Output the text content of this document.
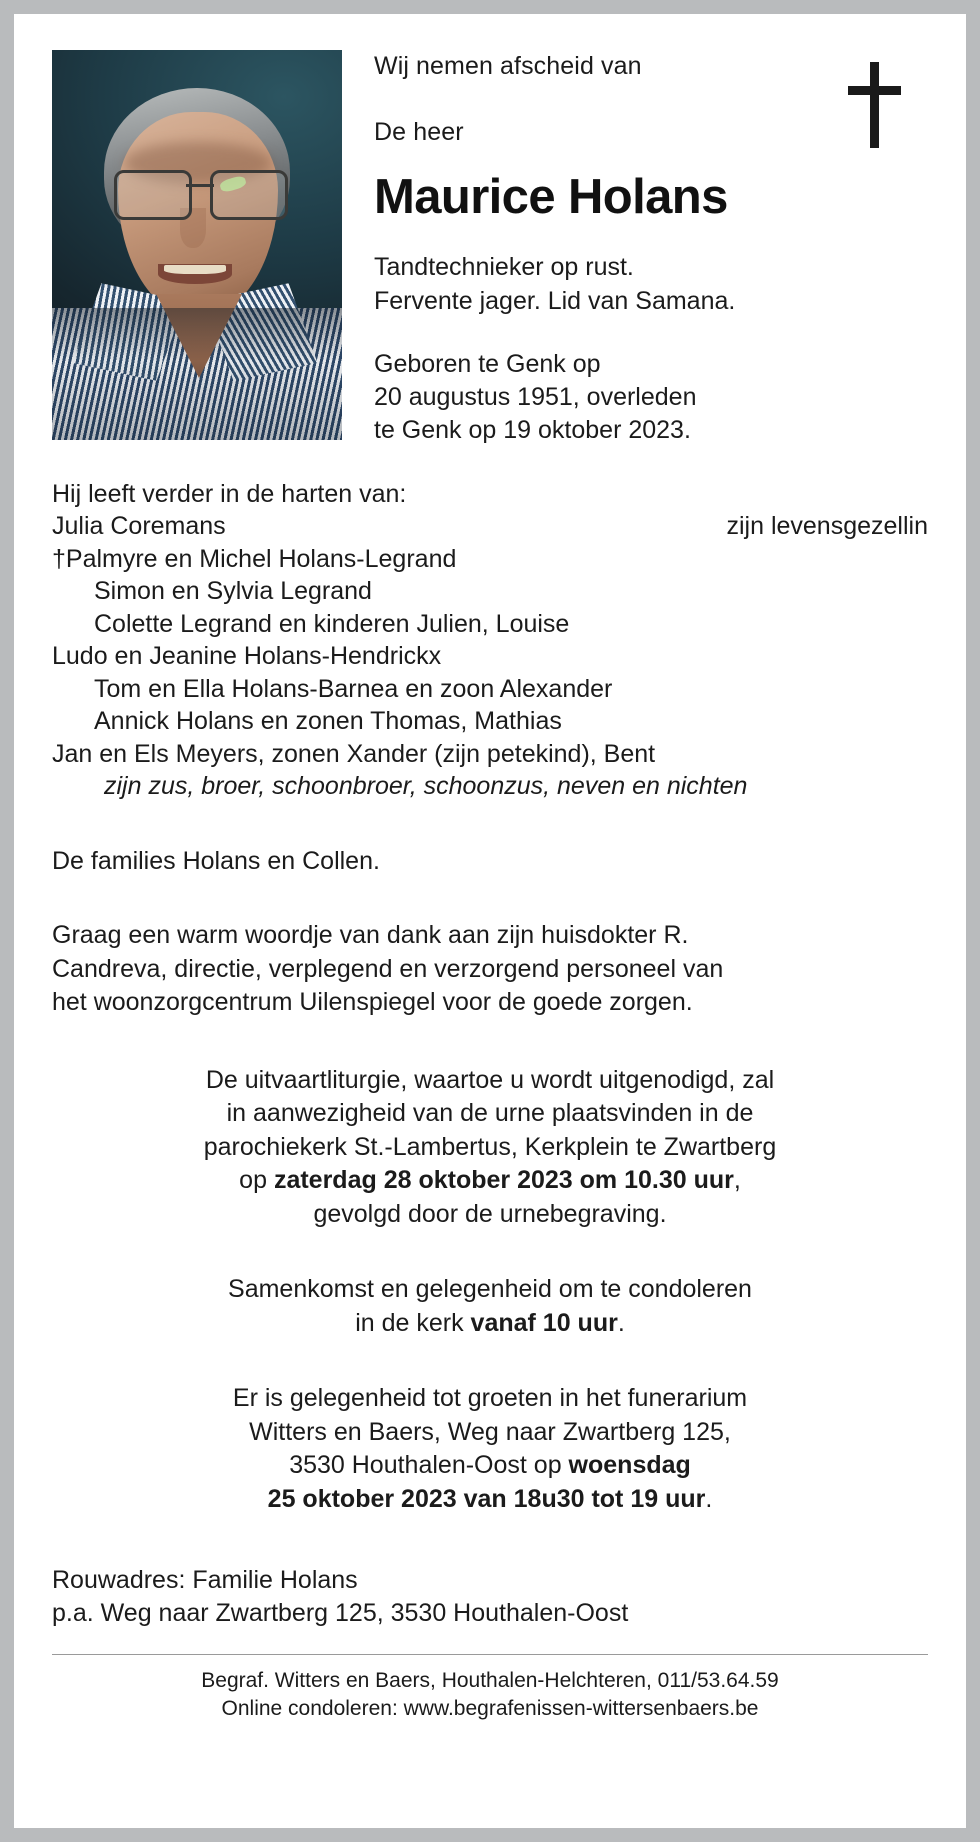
Wij nemen afscheid van
De heer
Maurice Holans
Tandtechnieker op rust.
Fervente jager. Lid van Samana.
Geboren te Genk op
20 augustus 1951, overleden
te Genk op 19 oktober 2023.
Hij leeft verder in de harten van:
Julia Coremans	zijn levensgezellin
†Palmyre en Michel Holans-Legrand
Simon en Sylvia Legrand
Colette Legrand en kinderen Julien, Louise
Ludo en Jeanine Holans-Hendrickx
Tom en Ella Holans-Barnea en zoon Alexander
Annick Holans en zonen Thomas, Mathias
Jan en Els Meyers, zonen Xander (zijn petekind), Bent
zijn zus, broer, schoonbroer, schoonzus, neven en nichten
De families Holans en Collen.
Graag een warm woordje van dank aan zijn huisdokter R.
Candreva, directie, verplegend en verzorgend personeel van
het woonzorgcentrum Uilenspiegel voor de goede zorgen.
De uitvaartliturgie, waartoe u wordt uitgenodigd, zal
in aanwezigheid van de urne plaatsvinden in de
parochiekerk St.-Lambertus, Kerkplein te Zwartberg
op zaterdag 28 oktober 2023 om 10.30 uur,
gevolgd door de urnebegraving.
Samenkomst en gelegenheid om te condoleren
in de kerk vanaf 10 uur.
Er is gelegenheid tot groeten in het funerarium
Witters en Baers, Weg naar Zwartberg 125,
3530 Houthalen-Oost op woensdag
25 oktober 2023 van 18u30 tot 19 uur.
Rouwadres: Familie Holans
p.a. Weg naar Zwartberg 125, 3530 Houthalen-Oost
Begraf. Witters en Baers, Houthalen-Helchteren, 011/53.64.59
Online condoleren: www.begrafenissen-wittersenbaers.be
